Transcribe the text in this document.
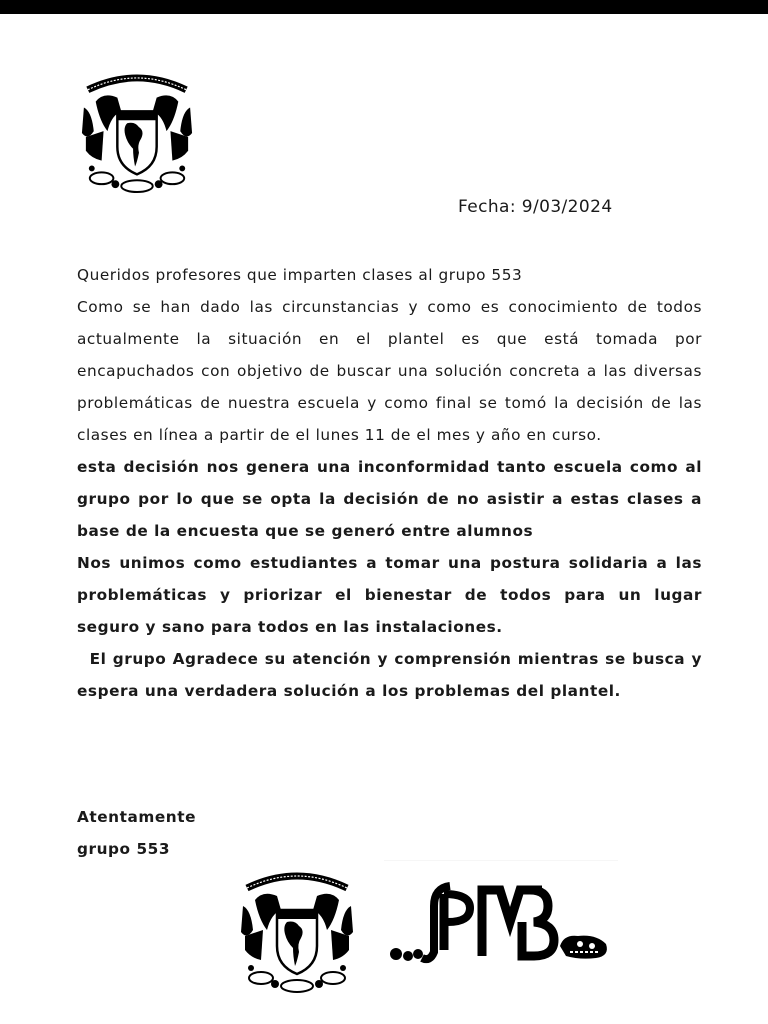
Fecha: 9/03/2024

Queridos profesores que imparten clases al grupo 553

Como se han dado las circunstancias y como es conocimiento de todos actualmente la situación en el plantel es que está tomada por encapuchados con objetivo de buscar una solución concreta a las diversas problemáticas de nuestra escuela y como final se tomó la decisión de las clases en línea a partir de el lunes 11 de el mes y año en curso.

esta decisión nos genera una inconformidad tanto escuela como al grupo por lo que se opta la decisión de no asistir a estas clases a base de la encuesta que se generó entre alumnos

Nos unimos como estudiantes a tomar una postura solidaria a las problemáticas y priorizar el bienestar de todos para un lugar seguro y sano para todos en las instalaciones.

El grupo Agradece su atención y comprensión mientras se busca y espera una verdadera solución a los problemas del plantel.

Atentamente
grupo 553
